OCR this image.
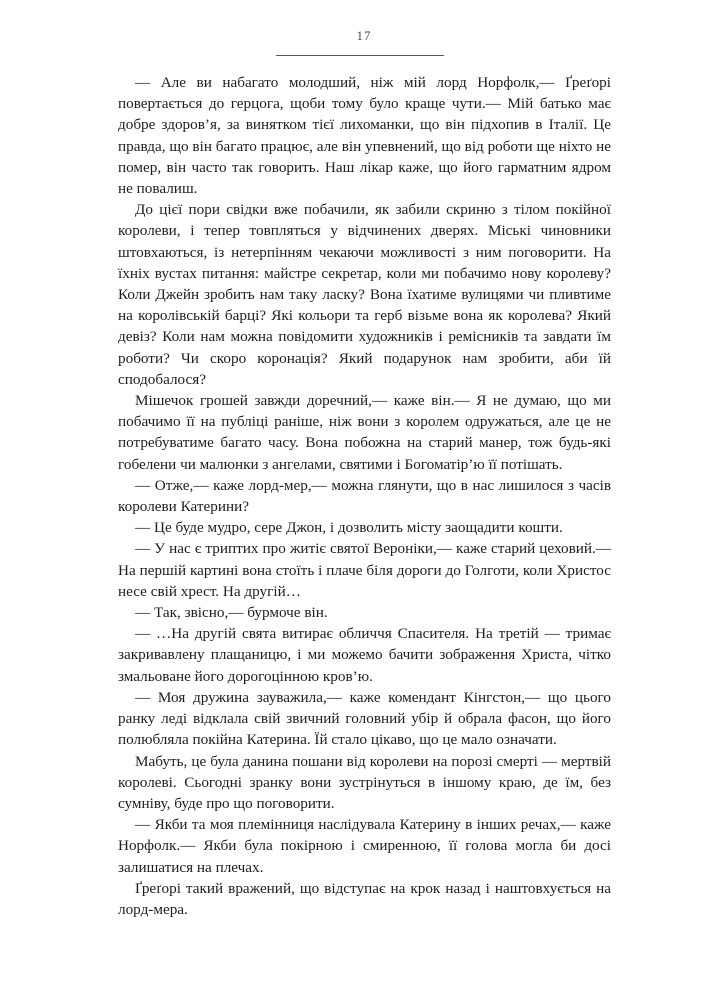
17

— Але ви набагато молодший, ніж мій лорд Норфолк,— Ґреґорі повертається до герцога, щоби тому було краще чути.— Мій батько має добре здоров’я, за винятком тієї лихоманки, що він підхопив в Італії. Це правда, що він багато працює, але він упевнений, що від роботи ще ніхто не помер, він часто так говорить. Наш лікар каже, що його гарматним ядром не повалиш.

До цієї пори свідки вже побачили, як забили скриню з тілом покійної королеви, і тепер товпляться у відчинених дверях. Міські чиновники штовхаються, із нетерпінням чекаючи можливості з ним поговорити. На їхніх вустах питання: майстре секретар, коли ми побачимо нову королеву? Коли Джейн зробить нам таку ласку? Вона їхатиме вулицями чи пливтиме на королівській барці? Які кольори та герб візьме вона як королева? Який девіз? Коли нам можна повідомити художників і ремісників та завдати їм роботи? Чи скоро коронація? Який подарунок нам зробити, аби їй сподобалося?

Мішечок грошей завжди доречний,— каже він.— Я не думаю, що ми побачимо її на публіці раніше, ніж вони з королем одружаться, але це не потребуватиме багато часу. Вона побожна на старий манер, тож будь-які гобелени чи малюнки з ангелами, святими і Богоматір’ю її потішать.

— Отже,— каже лорд-мер,— можна глянути, що в нас лишилося з часів королеви Катерини?

— Це буде мудро, сере Джон, і дозволить місту заощадити кошти.

— У нас є триптих про житіє святої Вероніки,— каже старий цеховий.— На першій картині вона стоїть і плаче біля дороги до Голготи, коли Христос несе свій хрест. На другій…

— Так, звісно,— бурмоче він.

— …На другій свята витирає обличчя Спасителя. На третій — тримає закривавлену плащаницю, і ми можемо бачити зображення Христа, чітко змальоване його дорогоцінною кров’ю.

— Моя дружина зауважила,— каже комендант Кінгстон,— що цього ранку леді відклала свій звичний головний убір й обрала фасон, що його полюбляла покійна Катерина. Їй стало цікаво, що це мало означати.

Мабуть, це була данина пошани від королеви на порозі смерті — мертвій королеві. Сьогодні зранку вони зустрінуться в іншому краю, де їм, без сумніву, буде про що поговорити.

— Якби та моя племінниця наслідувала Катерину в інших речах,— каже Норфолк.— Якби була покірною і смиренною, її голова могла би досі залишатися на плечах.

Ґреґорі такий вражений, що відступає на крок назад і наштовхується на лорд-мера.
